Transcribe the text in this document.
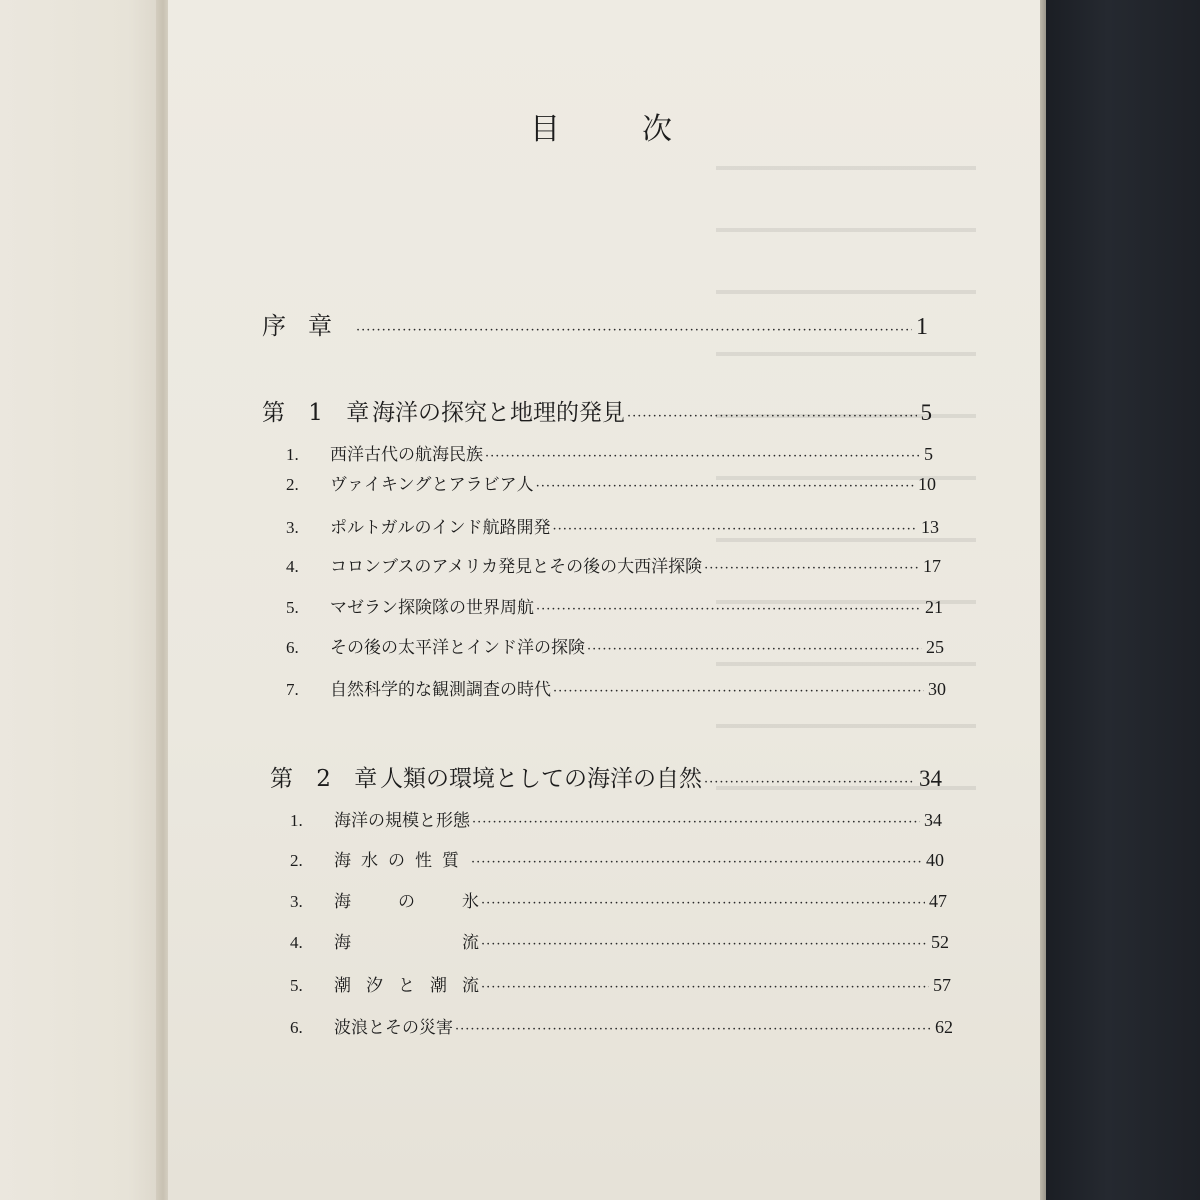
目次
序章 ·····	1
第 1 章海洋の探究と地理的発見 ·····	5
1. 西洋古代の航海民族 ·····	5
2. ヴァイキングとアラビア人 ·····	10
3. ポルトガルのインド航路開発 ·····	13
4. コロンブスのアメリカ発見とその後の大西洋探険 ·····	17
5. マゼラン探険隊の世界周航 ·····	21
6. その後の太平洋とインド洋の探険 ·····	25
7. 自然科学的な観測調査の時代 ·····	30
第 2 章人類の環境としての海洋の自然 ·····	34
1. 海洋の規模と形態 ·····	34
2. 海水の性質 ·····	40
3. 海の氷 ·····	47
4. 海流 ·····	52
5. 潮汐と潮流 ·····	57
6. 波浪とその災害 ·····	62
